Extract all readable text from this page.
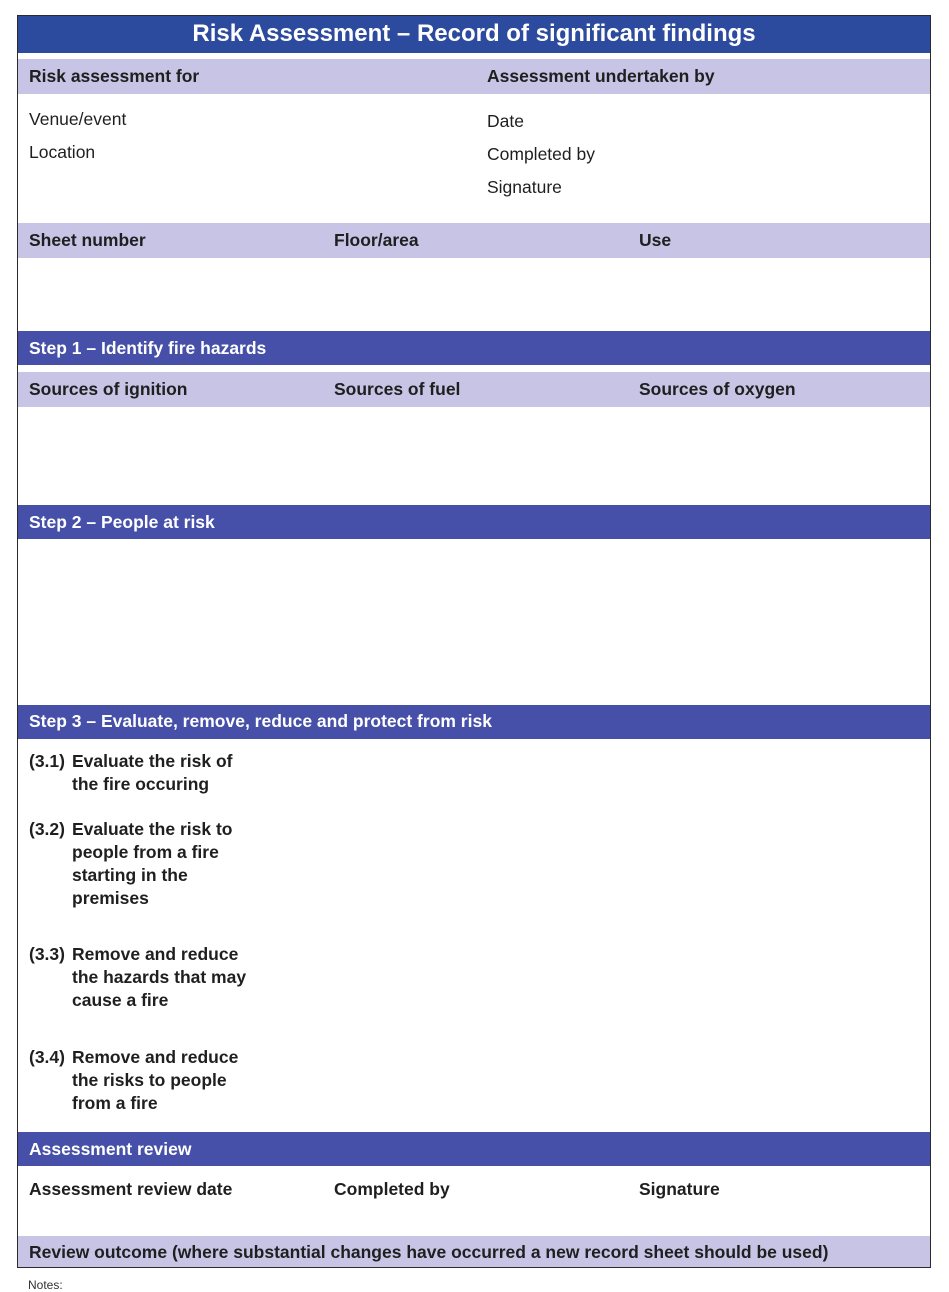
Risk Assessment – Record of significant findings
Risk assessment for	Assessment undertaken by
Venue/event
Location
Date
Completed by
Signature
Sheet number	Floor/area	Use
Step 1 – Identify fire hazards
Sources of ignition	Sources of fuel	Sources of oxygen
Step 2 – People at risk
Step 3 – Evaluate, remove, reduce and protect from risk
(3.1) Evaluate the risk of the fire occuring
(3.2) Evaluate the risk to people from a fire starting in the premises
(3.3) Remove and reduce the hazards that may cause a fire
(3.4) Remove and reduce the risks to people from a fire
Assessment review
Assessment review date	Completed by	Signature
Review outcome (where substantial changes have occurred a new record sheet should be used)
Notes:
